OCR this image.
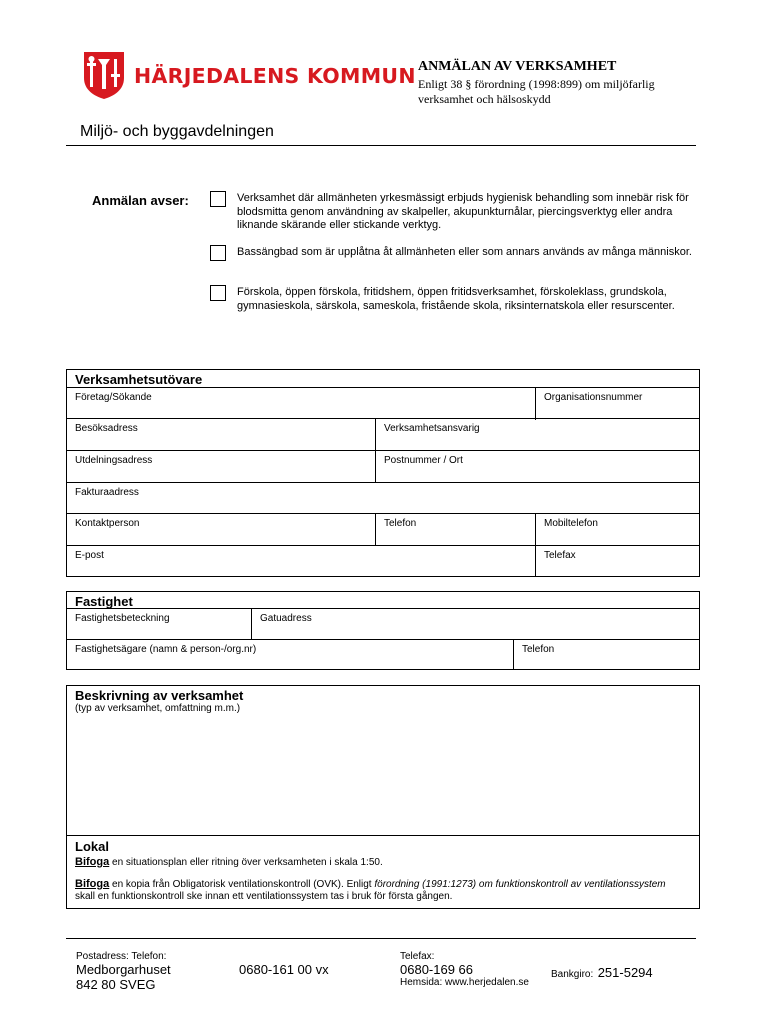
HÄRJEDALENS KOMMUN ANMÄLAN AV VERKSAMHET
Enligt 38 § förordning (1998:899) om miljöfarlig
verksamhet och hälsoskydd
Miljö- och byggavdelningen
Anmälan avser:	Verksamhet där allmänheten yrkesmässigt erbjuds hygienisk behandling som innebär risk för blodsmitta genom användning av skalpeller, akupunkturnålar, piercingsverktyg eller andra liknande skärande eller stickande verktyg.
Bassängbad som är upplåtna åt allmänheten eller som annars används av många människor.
Förskola, öppen förskola, fritidshem, öppen fritidsverksamhet, förskoleklass, grundskola, gymnasieskola, särskola, sameskola, fristående skola, riksinternatskola eller resurscenter.
Verksamhetsutövare
Företag/Sökande	Organisationsnummer
Besöksadress	Verksamhetsansvarig
Utdelningsadress	Postnummer / Ort
Fakturaadress
Kontaktperson	Telefon	Mobiltelefon
E-post	Telefax
Fastighet
Fastighetsbeteckning	Gatuadress
Fastighetsägare (namn & person-/org.nr)	Telefon
Beskrivning av verksamhet
(typ av verksamhet, omfattning m.m.)
Lokal
Bifoga en situationsplan eller ritning över verksamheten i skala 1:50.
Bifoga en kopia från Obligatorisk ventilationskontroll (OVK). Enligt förordning (1991:1273) om funktionskontroll av ventilationssystem
skall en funktionskontroll ske innan ett ventilationssystem tas i bruk för första gången.
Postadress: Telefon:
Medborgarhuset
842 80 SVEG
0680-161 00 vx
Telefax:
0680-169 66
Hemsida: www.herjedalen.se
Bankgiro: 251-5294
